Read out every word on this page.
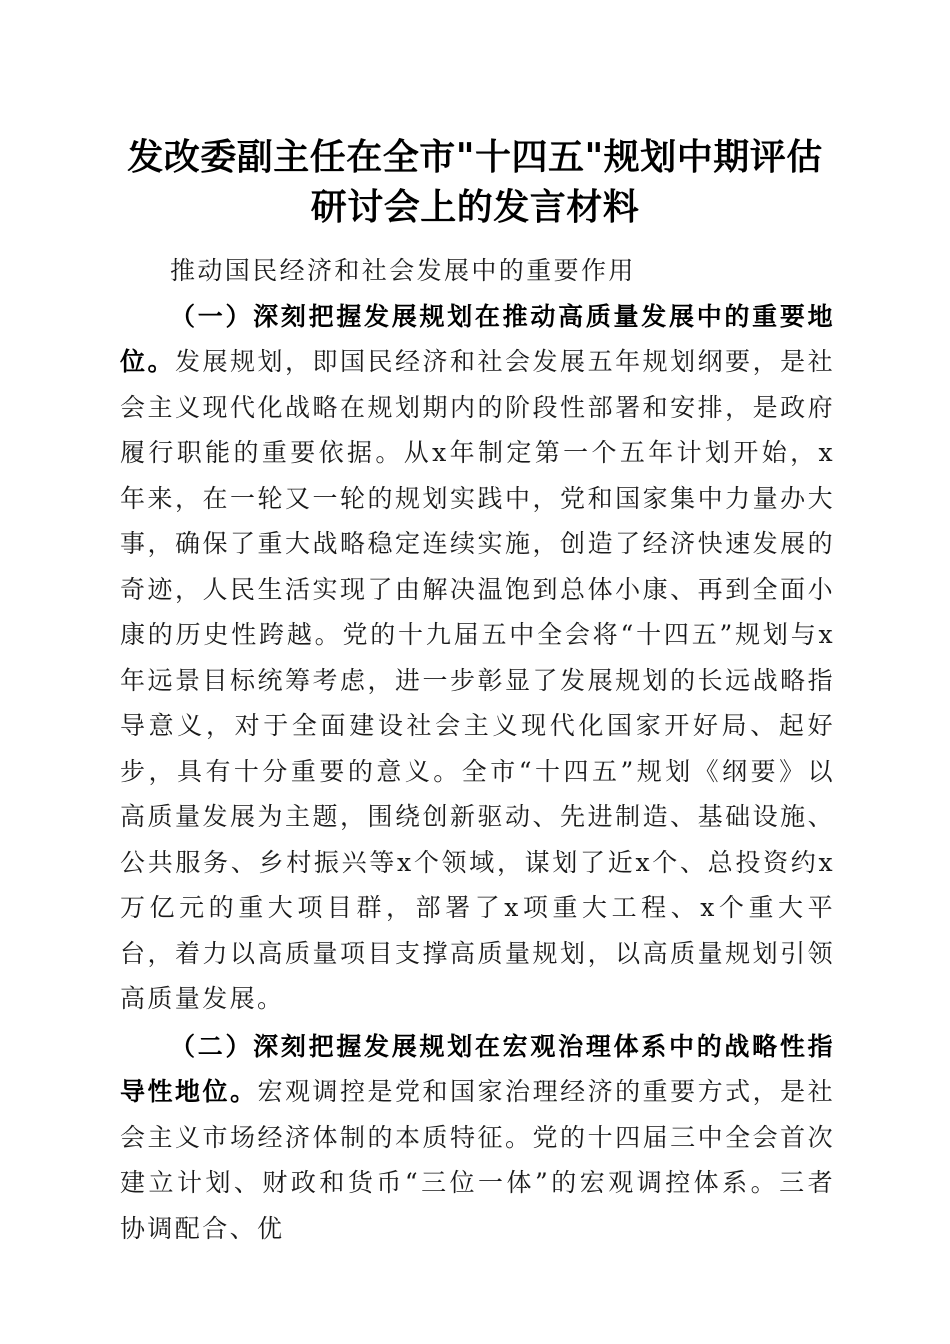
发改委副主任在全市"十四五"规划中期评估
研讨会上的发言材料

推动国民经济和社会发展中的重要作用

（一）深刻把握发展规划在推动高质量发展中的重要地位。发展规划，即国民经济和社会发展五年规划纲要，是社会主义现代化战略在规划期内的阶段性部署和安排，是政府履行职能的重要依据。从x年制定第一个五年计划开始，x年来，在一轮又一轮的规划实践中，党和国家集中力量办大事，确保了重大战略稳定连续实施，创造了经济快速发展的奇迹，人民生活实现了由解决温饱到总体小康、再到全面小康的历史性跨越。党的十九届五中全会将“十四五”规划与x年远景目标统筹考虑，进一步彰显了发展规划的长远战略指导意义，对于全面建设社会主义现代化国家开好局、起好步，具有十分重要的意义。全市“十四五”规划《纲要》以高质量发展为主题，围绕创新驱动、先进制造、基础设施、公共服务、乡村振兴等x个领域，谋划了近x个、总投资约x万亿元的重大项目群，部署了x项重大工程、x个重大平台，着力以高质量项目支撑高质量规划，以高质量规划引领高质量发展。

（二）深刻把握发展规划在宏观治理体系中的战略性指导性地位。宏观调控是党和国家治理经济的重要方式，是社会主义市场经济体制的本质特征。党的十四届三中全会首次建立计划、财政和货币“三位一体”的宏观调控体系。三者协调配合、优
